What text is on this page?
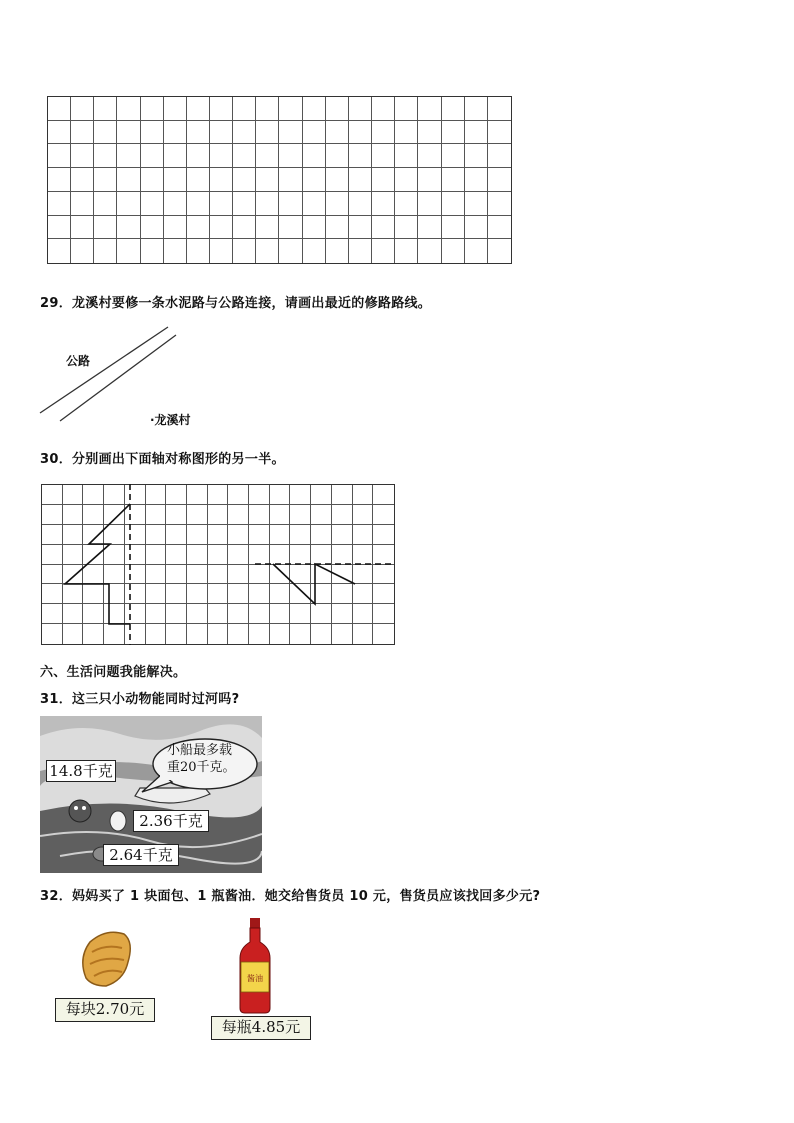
29．龙溪村要修一条水泥路与公路连接，请画出最近的修路路线。
公路
·龙溪村
30．分别画出下面轴对称图形的另一半。
六、生活问题我能解决。
31．这三只小动物能同时过河吗?
小船最多载
重20千克。
14.8千克
2.36千克
2.64千克
32．妈妈买了 1 块面包、1 瓶酱油．她交给售货员 10 元，售货员应该找回多少元?
每块2.70元
酱油
每瓶4.85元
